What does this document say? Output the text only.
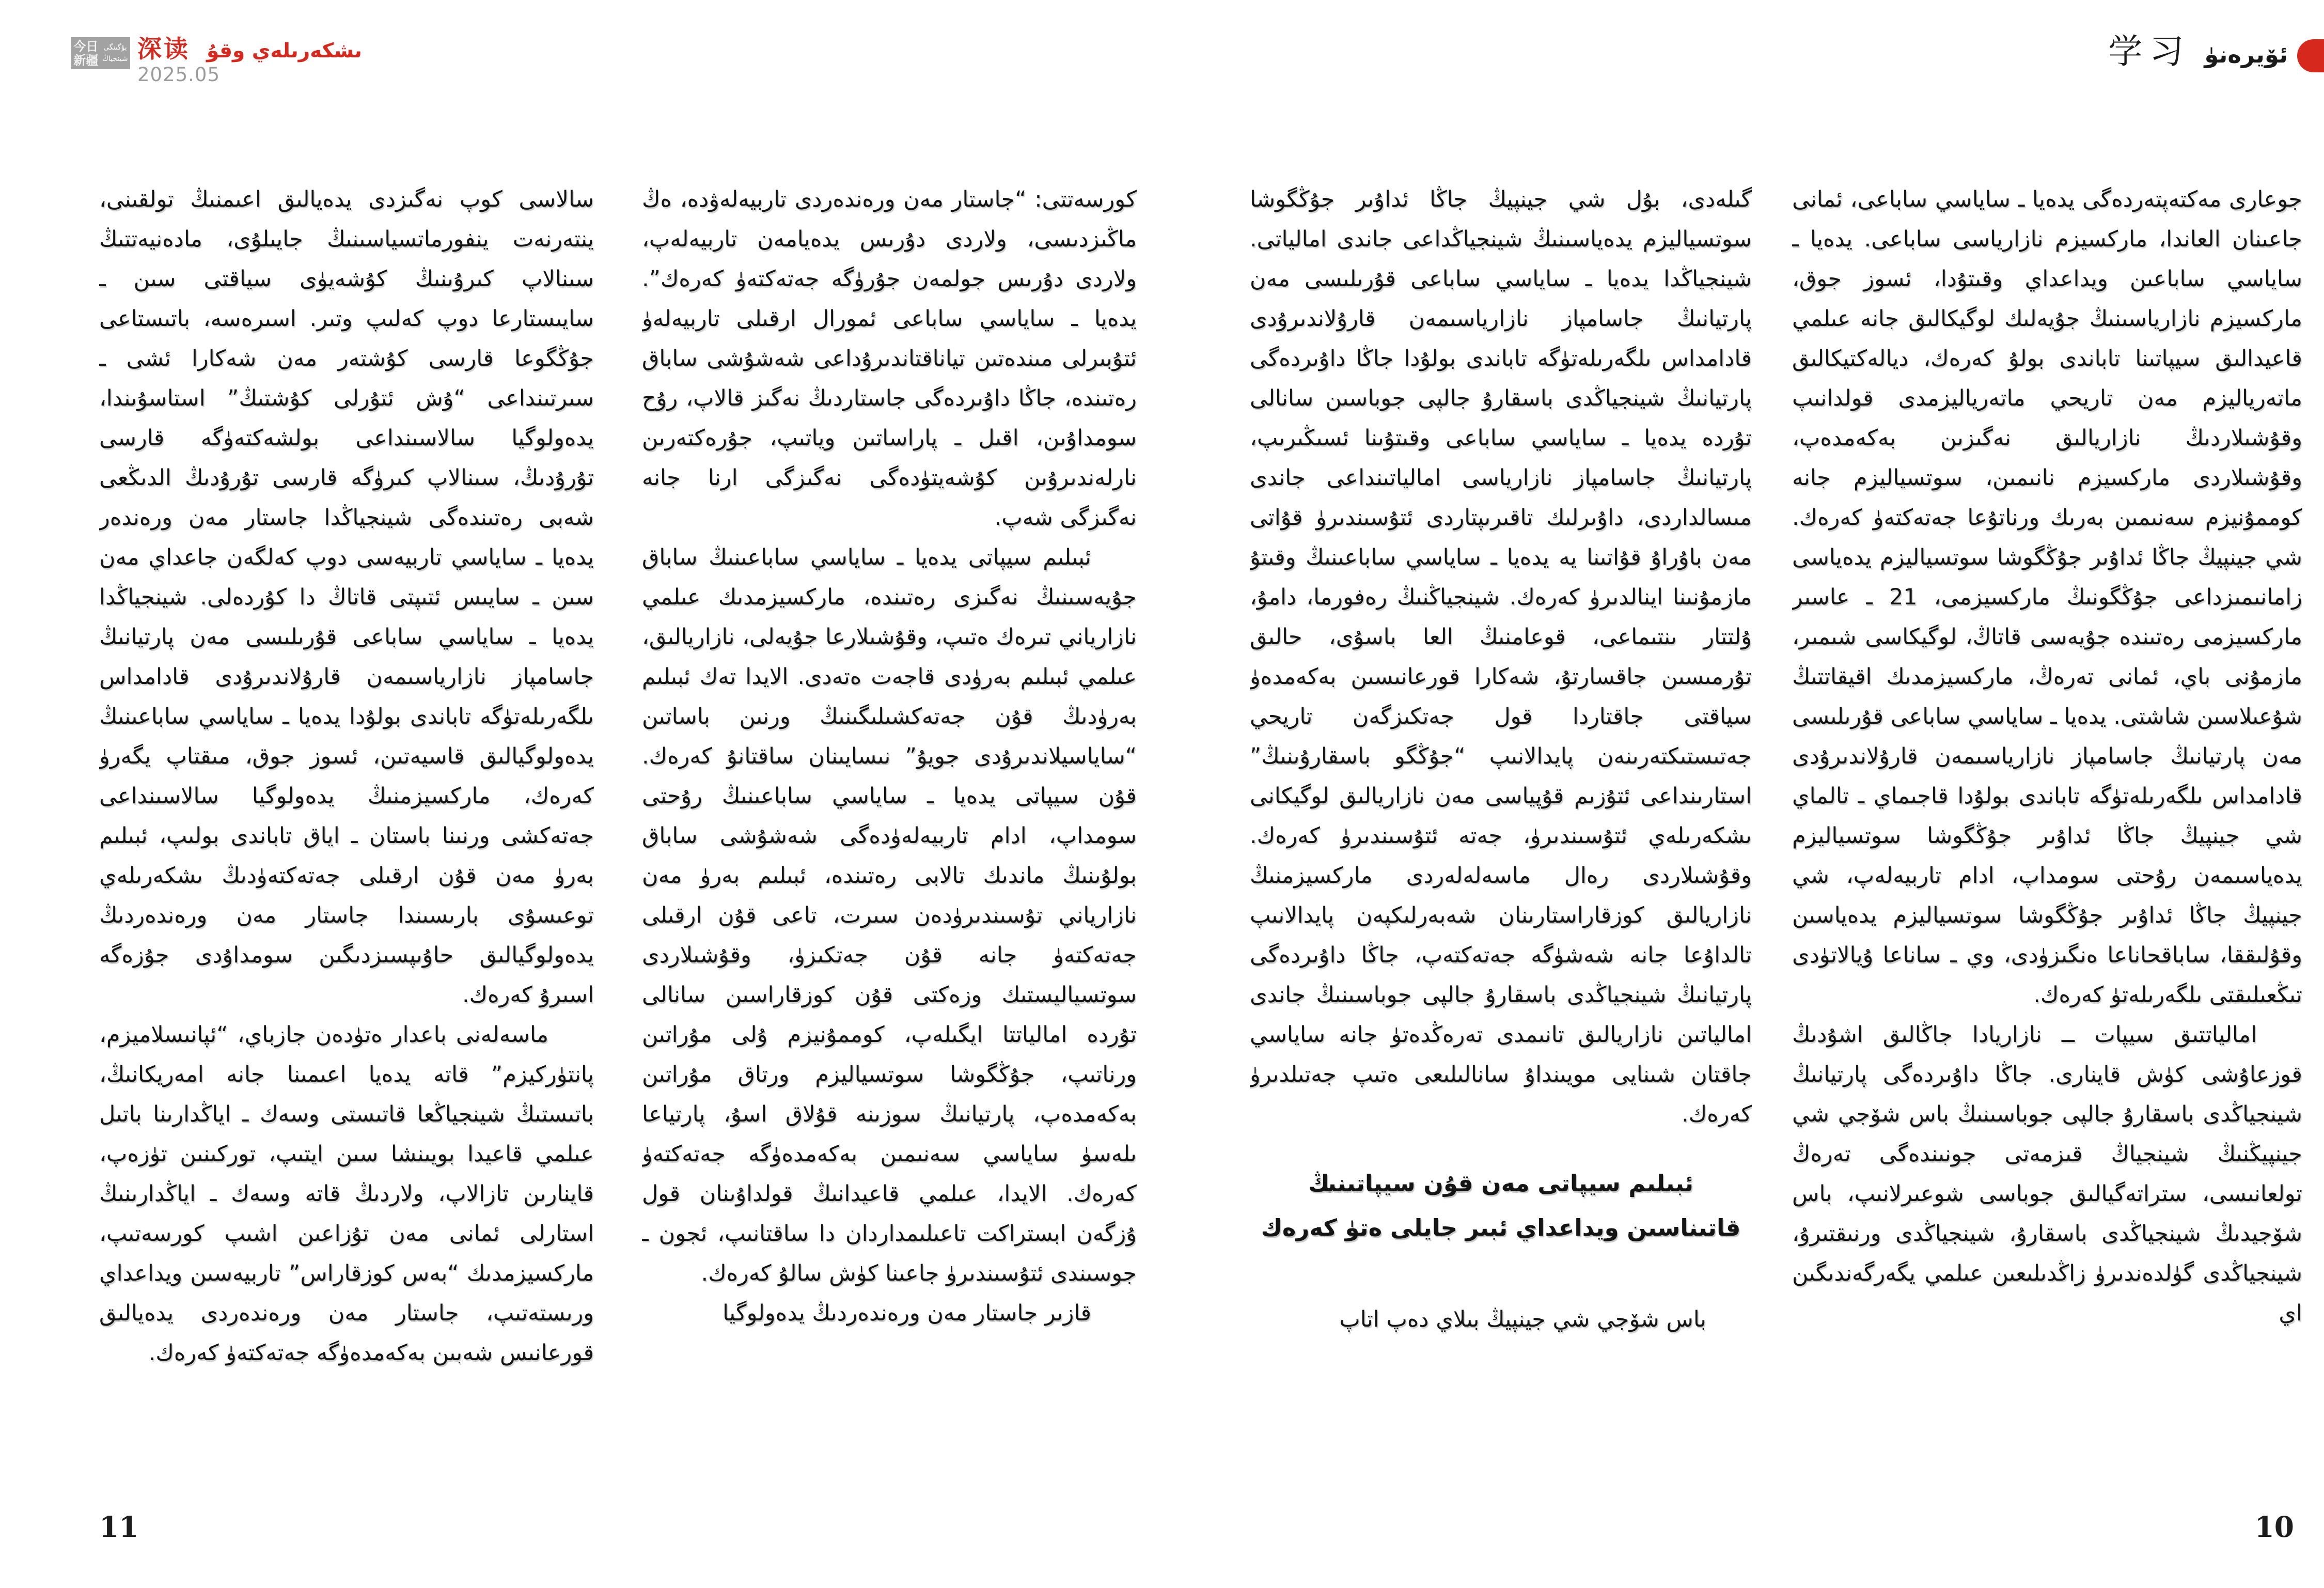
今日
新疆
بۇگىنگى
شينجياڭ 深读 ىشكەرىلەي وقۇ
2025.05
学习 ئۆيرەنۈ

جوعارى مەكتەپتەردەگى يدەيا ـ ساياسي ساباعى، ئمانى جاعىنان العاندا، ماركسيزم نازارياسى ساباعى. يدەيا ـ ساياسي ساباعىن ويداعداي وقىتۇدا، ئسوز جوق، ماركسيزم نازارياسىنىڭ جۇيەلىك لوگيكالىق جانە عىلمي قاعيدالىق سيپاتىنا تاباندى بولۇ كەرەك، ديالەكتيكالىق ماتەرياليزم مەن تاريحي ماتەرياليزمدى قولدانىپ وقۇشىلاردىڭ نازاريالىق نەگىزىن بەكەمدەپ، وقۇشىلاردى ماركسيزم نانىمىن، سوتسياليزم جانە كوممۇنيزم سەنىمىن بەرىك ورناتۇعا جەتەكتەۈ كەرەك. شي جينپيڭ جاڭا ئداۇىر جۇڭگوشا سوتسياليزم يدەياسى زامانىمىزداعى جۇڭگونىڭ ماركسيزمى، 21 ـ عاسىر ماركسيزمى رەتىندە جۇيەسى قاتاڭ، لوگيكاسى شىمىر، مازمۇنى باي، ئمانى تەرەڭ، ماركسيزمدىك اقيقاتتىڭ شۇعىلاسىن شاشتى. يدەيا ـ ساياسي ساباعى قۇرىلىسى مەن پارتيانىڭ جاسامپاز نازارياسىمەن قارۇلاندىرۇدى قادامداس ىلگەرىلەتۈگە تاباندى بولۇدا قاجىماي ـ تالماي شي جينپيڭ جاڭا ئداۇىر جۇڭگوشا سوتسياليزم يدەياسىمەن رۇحتى سومداپ، ادام تاربيەلەپ، شي جينپيڭ جاڭا ئداۇىر جۇڭگوشا سوتسياليزم يدەياسىن وقۇلىققا، ساباقحاناعا ەنگىزۈدى، وي ـ ساناعا ۇيالاتۈدى تىڭعىلىقتى ىلگەرىلەتۈ كەرەك.

امالياتتىق سيپات ــ نازاريادا جاڭالىق اشۇدىڭ قوزعاۇشى كۈش قاينارى. جاڭا داۇىردەگى پارتيانىڭ شينجياڭدى باسقارۇ جالپى جوباسىنىڭ باس شۆجي شي جينپيڭنىڭ شينجياڭ قىزمەتى جونىندەگى تەرەڭ تولعانىسى، ستراتەگيالىق جوباسى شوعىرلانىپ، باس شۆجيدىڭ شينجياڭدى باسقارۇ، شينجياڭدى ورنىقتىرۇ، شينجياڭدى گۈلدەندىرۈ زاڭدىلىعىن عىلمي يگەرگەندىگىن اي

گىلەدى، بۇل شي جينپيڭ جاڭا ئداۇىر جۇڭگوشا سوتسياليزم يدەياسىنىڭ شينجياڭداعى جاندى امالياتى. شينجياڭدا يدەيا ـ ساياسي ساباعى قۇرىلىسى مەن پارتيانىڭ جاسامپاز نازارياسىمەن قارۇلاندىرۇدى قادامداس ىلگەرىلەتۈگە تاباندى بولۇدا جاڭا داۇىردەگى پارتيانىڭ شينجياڭدى باسقارۇ جالپى جوباسىن سانالى تۇردە يدەيا ـ ساياسي ساباعى وقىتۇىنا ئسىڭىرىپ، پارتيانىڭ جاسامپاز نازارياسى امالياتىنداعى جاندى مىسالداردى، داۇىرلىك تاقىرىپتاردى ئتۇسىندىرۈ قۇاتى مەن باۇراۇ قۇاتىنا يە يدەيا ـ ساياسي ساباعىنىڭ وقىتۇ مازمۇنىنا اينالدىرۈ كەرەك. شينجياڭنىڭ رەفورما، دامۇ، ۇلتتار ىنتىماعى، قوعامنىڭ العا باسۇى، حالىق تۇرمىسىن جاقسارتۇ، شەكارا قورعانىسىن بەكەمدەۈ سياقتى جاقتاردا قول جەتكىزگەن تاريحي جەتىستىكتەرىنەن پايدالانىپ “جۇڭگو باسقارۇىنىڭ” استارىنداعى ئتۇزىم قۇپياسى مەن نازاريالىق لوگيكانى ىشكەرىلەي ئتۇسىندىرۈ، جەتە ئتۇسىندىرۈ كەرەك. وقۇشىلاردى رەال ماسەلەلەردى ماركسيزمنىڭ نازاريالىق كوزقاراستارىنان شەبەرلىكپەن پايدالانىپ تالداۇعا جانە شەشۈگە جەتەكتەپ، جاڭا داۇىردەگى پارتيانىڭ شينجياڭدى باسقارۇ جالپى جوباسىنىڭ جاندى امالياتىن نازاريالىق تانىمدى تەرەڭدەتۈ جانە ساياسي جاقتان شىنايى مويىنداۇ سانالىلىعى ەتىپ جەتىلدىرۈ كەرەك.

ئبىلىم سيپاتى مەن قۇن سيپاتىنىڭ قاتىناسىن ويداعداي ئبىر جايلى ەتۈ كەرەك

باس شۆجي شي جينپيڭ بىلاي دەپ اتاپ

كورسەتتى: “جاستار مەن ورەندەردى تاربيەلەۋدە، ەڭ ماڭىزدىسى، ولاردى دۇرىس يدەيامەن تاربيەلەپ، ولاردى دۇرىس جولمەن جۇرۈگە جەتەكتەۈ كەرەك”. يدەيا ـ ساياسي ساباعى ئمورال ارقىلى تاربيەلەۈ ئتۇبىرلى مىندەتىن تياناقتاندىرۇداعى شەشۇشى ساباق رەتىندە، جاڭا داۇىردەگى جاستاردىڭ نەگىز قالاپ، رۇح سومداۇىن، اقىل ـ پاراساتىن وياتىپ، جۇرەكتەرىن نارلەندىرۇىن كۇشەيتۈدەگى نەگىزگى ارنا جانە نەگىزگى شەپ.

ئبىلىم سيپاتى يدەيا ـ ساياسي ساباعىنىڭ ساباق جۇيەسىنىڭ نەگىزى رەتىندە، ماركسيزمدىك عىلمي نازارياني تىرەك ەتىپ، وقۇشىلارعا جۇيەلى، نازاريالىق، عىلمي ئبىلىم بەرۈدى قاجەت ەتەدى. الايدا تەك ئبىلىم بەرۈدىڭ قۇن جەتەكشىلىگىنىڭ ورنىن باساتىن “ساياسيلاندىرۇدى جويۇ” نىسايىنان ساقتانۇ كەرەك. قۇن سيپاتى يدەيا ـ ساياسي ساباعىنىڭ رۇحتى سومداپ، ادام تاربيەلەۈدەگى شەشۇشى ساباق بولۇىنىڭ ماندىك تالابى رەتىندە، ئبىلىم بەرۈ مەن نازارياني تۇسىندىرۈدەن سىرت، تاعى قۇن ارقىلى جەتەكتەۈ جانە قۇن جەتكىزۈ، وقۇشىلاردى سوتسياليستىك وزەكتى قۇن كوزقاراسىن سانالى تۇردە امالياتتا ايگىلەپ، كوممۇنيزم ۇلى مۇراتىن ورناتىپ، جۇڭگوشا سوتسياليزم ورتاق مۇراتىن بەكەمدەپ، پارتيانىڭ سوزىنە قۇلاق اسۇ، پارتياعا ىلەسۈ ساياسي سەنىمىن بەكەمدەۈگە جەتەكتەۈ كەرەك. الايدا، عىلمي قاعيدانىڭ قولداۇىنان قول ۇزگەن ابستراكت تاعىلىمداردان دا ساقتانىپ، ئجون ـ جوسىندى ئتۇسىندىرۈ جاعىنا كۈش سالۇ كەرەك.

قازىر جاستار مەن ورەندەردىڭ يدەولوگيا

سالاسى كوپ نەگىزدى يدەيالىق اعىمنىڭ تولقىنى، ينتەرنەت ينفورماتسياسىنىڭ جايىلۇى، مادەنيەتتىڭ سىنالاپ كىرۇىنىڭ كۇشەيۈى سياقتى سىن ـ سايىستارعا دوپ كەلىپ وتىر. اسىرەسە، باتىستاعى جۇڭگوعا قارسى كۇشتەر مەن شەكارا ئشى ـ سىرتىنداعى “ۇش ئتۇرلى كۇشتىڭ” استاسۇىندا، يدەولوگيا سالاسىنداعى بولشەكتەۈگە قارسى تۇرۇدىڭ، سىنالاپ كىرۈگە قارسى تۇرۇدىڭ الدىڭعى شەبى رەتىندەگى شينجياڭدا جاستار مەن ورەندەر يدەيا ـ ساياسي تاربيەسى دوپ كەلگەن جاعداي مەن سىن ـ سايىس ئتىپتى قاتاڭ دا كۇردەلى. شينجياڭدا يدەيا ـ ساياسي ساباعى قۇرىلىسى مەن پارتيانىڭ جاسامپاز نازارياسىمەن قارۇلاندىرۇدى قادامداس ىلگەرىلەتۈگە تاباندى بولۇدا يدەيا ـ ساياسي ساباعىنىڭ يدەولوگيالىق قاسيەتىن، ئسوز جوق، مىقتاپ يگەرۈ كەرەك، ماركسيزمنىڭ يدەولوگيا سالاسىنداعى جەتەكشى ورنىنا باستان ـ اياق تاباندى بولىپ، ئبىلىم بەرۈ مەن قۇن ارقىلى جەتەكتەۈدىڭ ىشكەرىلەي توعىسۇى بارىسىندا جاستار مەن ورەندەردىڭ يدەولوگيالىق حاۇىپسىزدىگىن سومداۇدى جۇزەگە اسىرۇ كەرەك.

ماسەلەنى باعدار ەتۈدەن جازباي، “ئپانىسلاميزم، پانتۈركيزم” قاتە يدەيا اعىمىنا جانە امەريكانىڭ، باتىستىڭ شينجياڭعا قاتىستى وسەك ـ اياڭدارىنا باتىل عىلمي قاعيدا بويىنشا سىن ايتىپ، توركىنىن تۈزەپ، قاينارىن تازالاپ، ولاردىڭ قاتە وسەك ـ اياڭدارىنىڭ استارلى ئمانى مەن تۇزاعىن اشىپ كورسەتىپ، ماركسيزمدىك “بەس كوزقاراس” تاربيەسىن ويداعداي ورىستەتىپ، جاستار مەن ورەندەردى يدەيالىق قورعانىس شەبىن بەكەمدەۈگە جەتەكتەۈ كەرەك.

11	10
